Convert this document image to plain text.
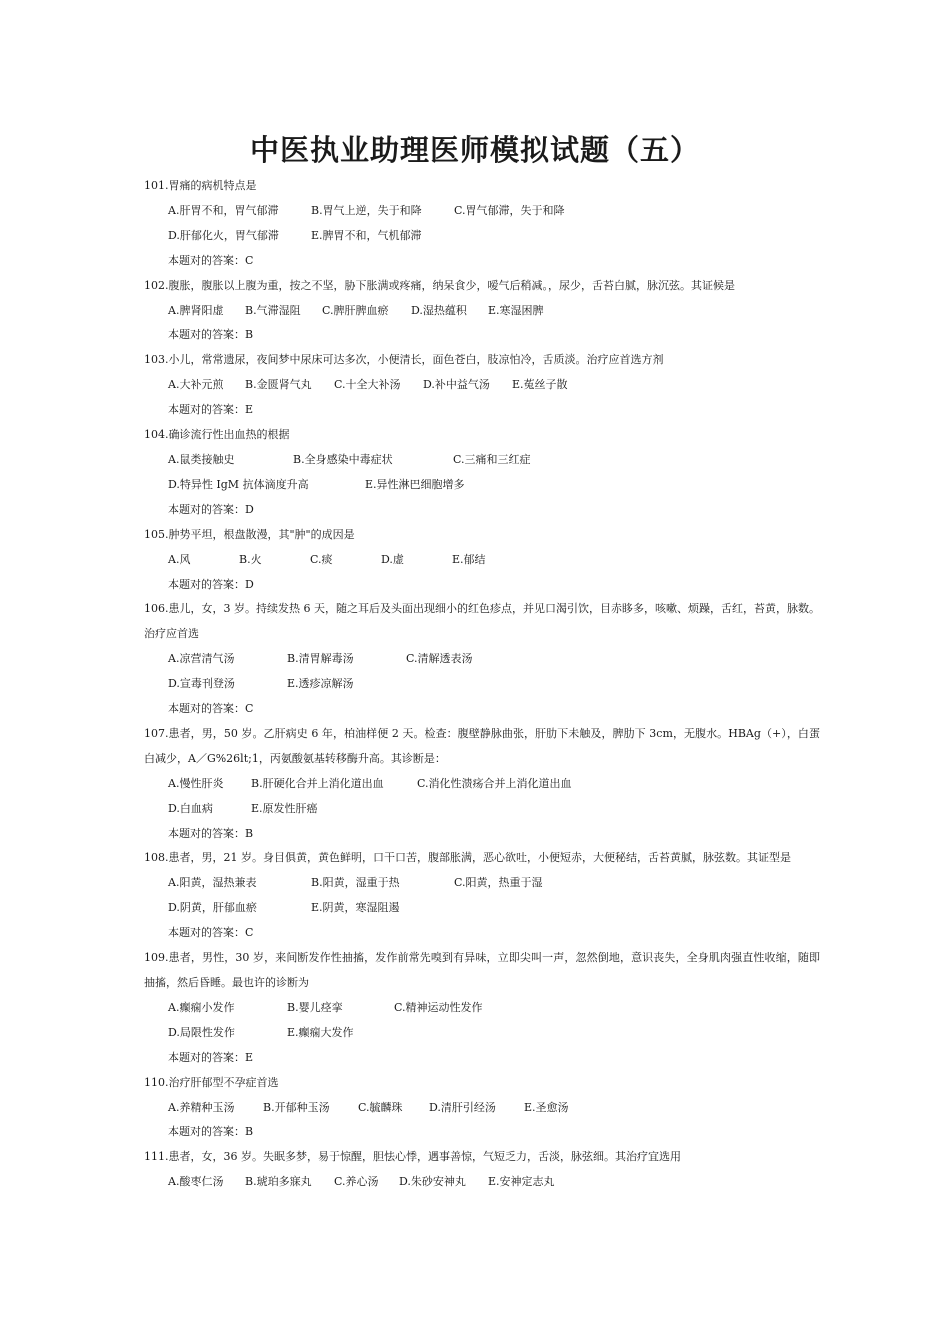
中医执业助理医师模拟试题（五）
101.胃痛的病机特点是
A.肝胃不和，胃气郁滞	B.胃气上逆，失于和降	C.胃气郁滞，失于和降
D.肝郁化火，胃气郁滞	E.脾胃不和，气机郁滞
本题对的答案：C
102.腹胀，腹胀以上腹为重，按之不坚，胁下胀满或疼痛，纳呆食少，嗳气后稍减。，尿少，舌苔白腻，脉沉弦。其证候是
A.脾肾阳虚 B.气滞湿阻 C.脾肝脾血瘀 D.湿热蕴积 E.寒湿困脾
本题对的答案：B
103.小儿，常常遗尿，夜间梦中尿床可达多次，小便清长，面色苍白，肢凉怕冷，舌质淡。治疗应首选方剂
A.大补元煎 B.金匮肾气丸 C.十全大补汤 D.补中益气汤 E.菟丝子散
本题对的答案：E
104.确诊流行性出血热的根据
A.鼠类接触史	B.全身感染中毒症状	C.三痛和三红症
D.特异性 IgM 抗体滴度升高	E.异性淋巴细胞增多
本题对的答案：D
105.肿势平坦，根盘散漫，其"肿"的成因是
A.风	B.火	C.痰	D.虚	E.郁结
本题对的答案：D
106.患儿，女，3 岁。持续发热 6 天，随之耳后及头面出现细小的红色疹点，并见口渴引饮，目赤眵多，咳嗽、烦躁，舌红，苔黄，脉数。治疗应首选
A.凉营清气汤	B.清胃解毒汤	C.清解透表汤
D.宣毒刊登汤	E.透疹凉解汤
本题对的答案：C
107.患者，男，50 岁。乙肝病史 6 年，柏油样便 2 天。检查：腹壁静脉曲张，肝肋下未触及，脾肋下 3cm，无腹水。HBAg（+），白蛋白减少，A／G%26lt;1，丙氨酸氨基转移酶升高。其诊断是：
A.慢性肝炎	B.肝硬化合并上消化道出血	C.消化性溃疡合并上消化道出血
D.白血病	E.原发性肝癌
本题对的答案：B
108.患者，男，21 岁。身目俱黄，黄色鲜明，口干口苦，腹部胀满，恶心欲吐，小便短赤，大便秘结，舌苔黄腻，脉弦数。其证型是
A.阳黄，湿热兼表	B.阳黄，湿重于热	C.阳黄，热重于湿
D.阴黄，肝郁血瘀	E.阴黄，寒湿阻遏
本题对的答案：C
109.患者，男性，30 岁，来间断发作性抽搐，发作前常先嗅到有异味，立即尖叫一声，忽然倒地，意识丧失，全身肌肉强直性收缩，随即抽搐，然后昏睡。最也许的诊断为
A.癫痫小发作	B.婴儿痉挛	C.精神运动性发作
D.局限性发作	E.癫痫大发作
本题对的答案：E
110.治疗肝郁型不孕症首选
A.养精种玉汤	B.开郁种玉汤	C.毓麟珠 D.清肝引经汤	E.圣愈汤
本题对的答案：B
111.患者，女，36 岁。失眠多梦，易于惊醒，胆怯心悸，遇事善惊，气短乏力，舌淡，脉弦细。其治疗宜选用
A.酸枣仁汤 B.琥珀多寐丸 C.养心汤 D.朱砂安神丸 E.安神定志丸
